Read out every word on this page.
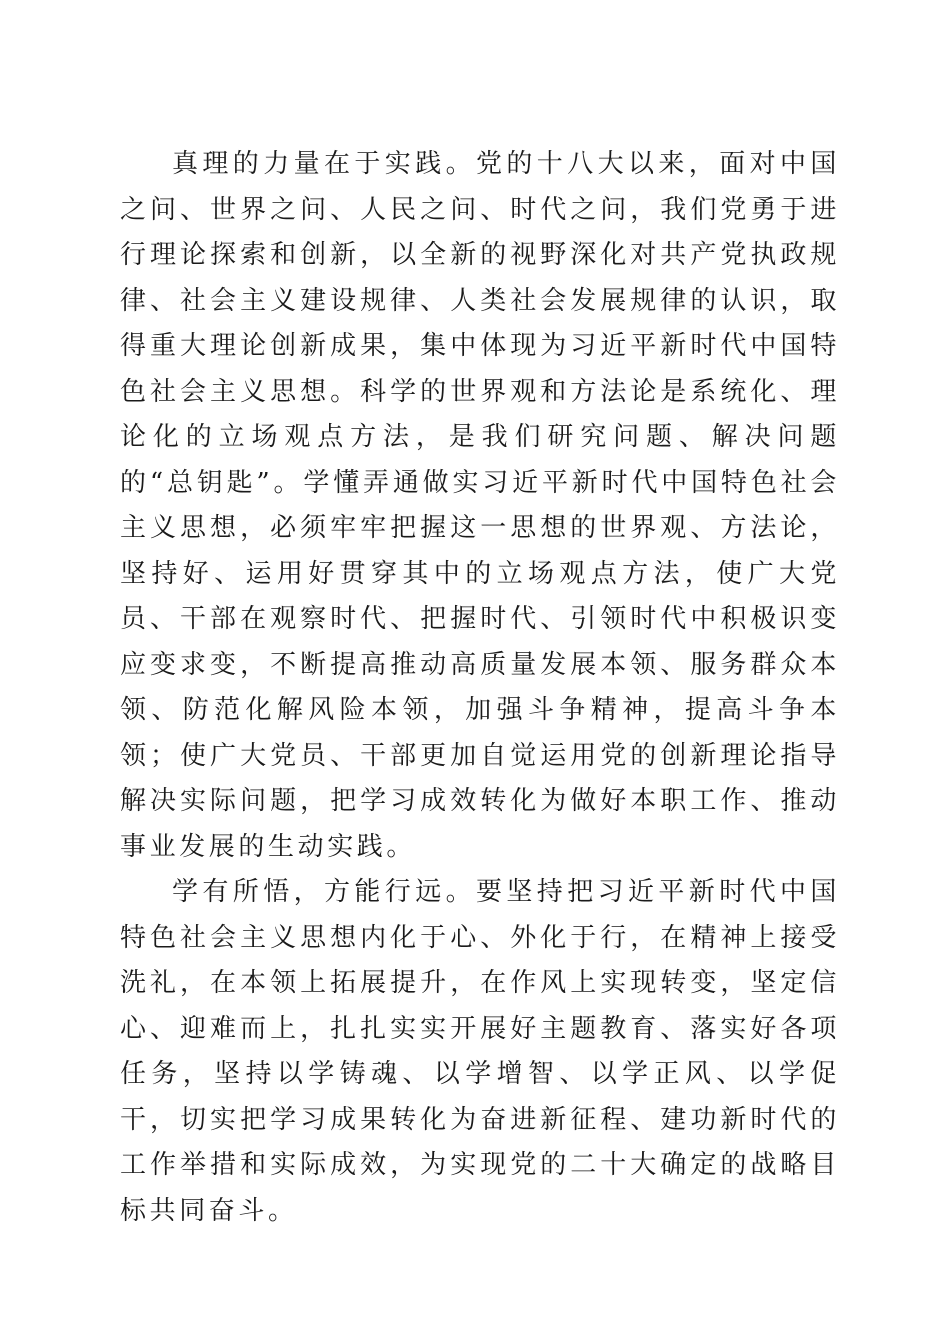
真理的力量在于实践。党的十八大以来，面对中国之问、世界之问、人民之问、时代之问，我们党勇于进行理论探索和创新，以全新的视野深化对共产党执政规律、社会主义建设规律、人类社会发展规律的认识，取得重大理论创新成果，集中体现为习近平新时代中国特色社会主义思想。科学的世界观和方法论是系统化、理论化的立场观点方法，是我们研究问题、解决问题的“总钥匙”。学懂弄通做实习近平新时代中国特色社会主义思想，必须牢牢把握这一思想的世界观、方法论，坚持好、运用好贯穿其中的立场观点方法，使广大党员、干部在观察时代、把握时代、引领时代中积极识变应变求变，不断提高推动高质量发展本领、服务群众本领、防范化解风险本领，加强斗争精神，提高斗争本领；使广大党员、干部更加自觉运用党的创新理论指导解决实际问题，把学习成效转化为做好本职工作、推动事业发展的生动实践。

学有所悟，方能行远。要坚持把习近平新时代中国特色社会主义思想内化于心、外化于行，在精神上接受洗礼，在本领上拓展提升，在作风上实现转变，坚定信心、迎难而上，扎扎实实开展好主题教育、落实好各项任务，坚持以学铸魂、以学增智、以学正风、以学促干，切实把学习成果转化为奋进新征程、建功新时代的工作举措和实际成效，为实现党的二十大确定的战略目标共同奋斗。
